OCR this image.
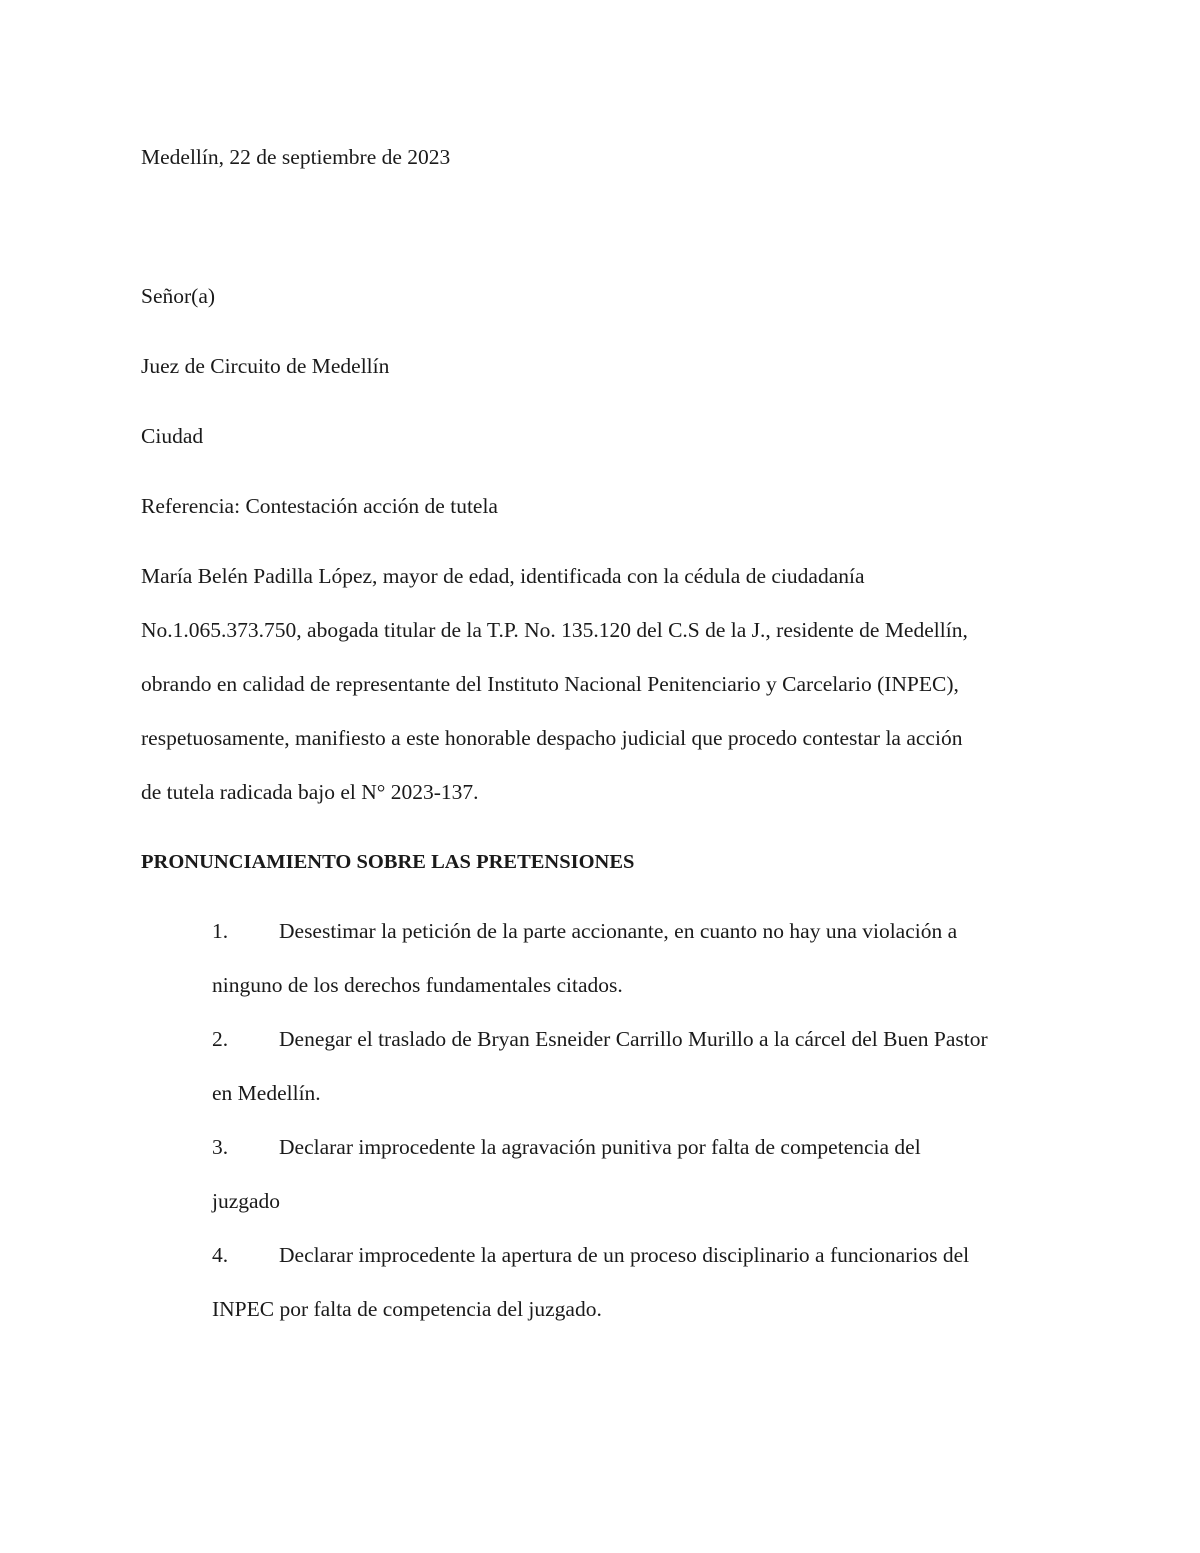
Medellín, 22 de septiembre de 2023

Señor(a)

Juez de Circuito de Medellín

Ciudad

Referencia: Contestación acción de tutela

María Belén Padilla López, mayor de edad, identificada con la cédula de ciudadanía

No.1.065.373.750, abogada titular de la T.P. No. 135.120 del C.S de la J., residente de Medellín,

obrando en calidad de representante del Instituto Nacional Penitenciario y Carcelario (INPEC),

respetuosamente, manifiesto a este honorable despacho judicial que procedo contestar la acción

de tutela radicada bajo el N° 2023-137.

PRONUNCIAMIENTO SOBRE LAS PRETENSIONES

1.	Desestimar la petición de la parte accionante, en cuanto no hay una violación a
ninguno de los derechos fundamentales citados.
2.	Denegar el traslado de Bryan Esneider Carrillo Murillo a la cárcel del Buen Pastor
en Medellín.
3.	Declarar improcedente la agravación punitiva por falta de competencia del
juzgado
4.	Declarar improcedente la apertura de un proceso disciplinario a funcionarios del
INPEC por falta de competencia del juzgado.
